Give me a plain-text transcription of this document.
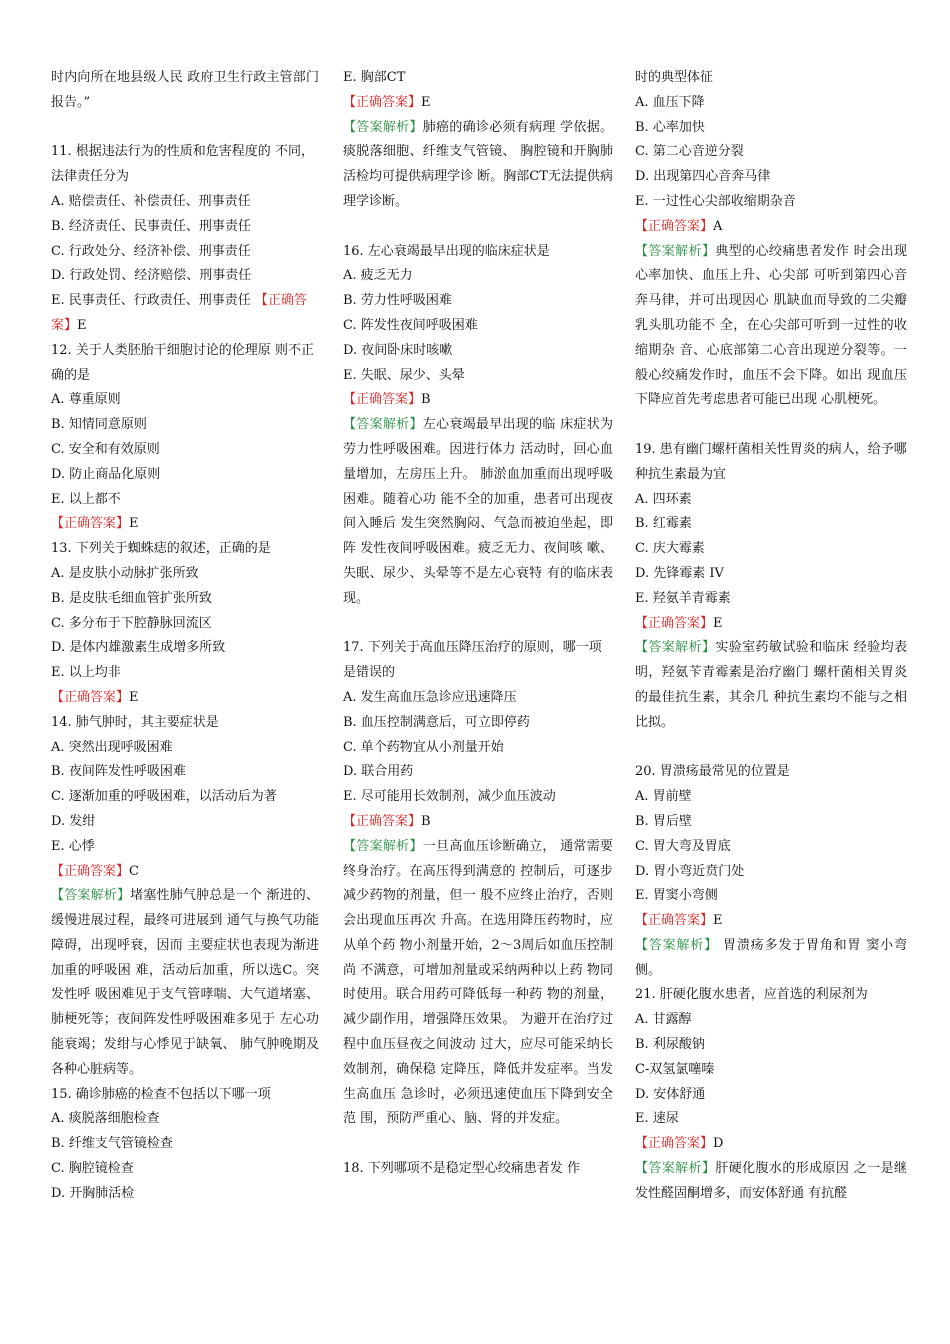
时内向所在地县级人民 政府卫生行政主管部门报告。”

11. 根据违法行为的性质和危害程度的 不同，法律责任分为

A. 赔偿责任、补偿责任、刑事责任

B. 经济责任、民事责任、刑事责任

C. 行政处分、经济补偿、刑事责任

D. 行政处罚、经济赔偿、刑事责任

E. 民事责任、行政责任、刑事责任 【正确答案】E

12. 关于人类胚胎干细胞讨论的伦理原 则不正确的是

A. 尊重原则

B. 知情同意原则

C. 安全和有效原则

D. 防止商品化原则

E. 以上都不

【正确答案】E

13. 下列关于蜘蛛痣的叙述，正确的是

A. 是皮肤小动脉扩张所致

B. 是皮肤毛细血管扩张所致

C. 多分布于下腔静脉回流区

D. 是体内雄激素生成增多所致

E. 以上均非

【正确答案】E

14. 肺气肿时，其主要症状是

A. 突然出现呼吸困难

B. 夜间阵发性呼吸困难

C. 逐渐加重的呼吸困难，以活动后为著

D. 发绀

E. 心悸

【正确答案】C

【答案解析】堵塞性肺气肿总是一个 渐进的、缓慢进展过程，最终可进展到 通气与换气功能障碍，出现呼衰，因而 主要症状也表现为渐进加重的呼吸困 难，活动后加重，所以选C。突发性呼 吸困难见于支气管哮喘、大气道堵塞、 肺梗死等；夜间阵发性呼吸困难多见于 左心功能衰竭；发绀与心悸见于缺氧、 肺气肿晚期及各种心脏病等。

15. 确诊肺癌的检查不包括以下哪一项

A. 痰脱落细胞检查

B. 纤维支气管镜检查

C. 胸腔镜检查

D. 开胸肺活检

E. 胸部CT

【正确答案】E

【答案解析】肺癌的确诊必须有病理 学依据。痰脱落细胞、纤维支气管镜、 胸腔镜和开胸肺活检均可提供病理学诊 断。胸部CT无法提供病理学诊断。

16. 左心衰竭最早出现的临床症状是

A. 疲乏无力

B. 劳力性呼吸困难

C. 阵发性夜间呼吸困难

D. 夜间卧床时咳嗽

E. 失眠、尿少、头晕

【正确答案】B

【答案解析】左心衰竭最早出现的临 床症状为劳力性呼吸困难。因进行体力 活动时，回心血量增加，左房压上升。 肺淤血加重而出现呼吸困难。随着心功 能不全的加重，患者可出现夜间入睡后 发生突然胸闷、气急而被迫坐起，即阵 发性夜间呼吸困难。疲乏无力、夜间咳 嗽、失眠、尿少、头晕等不是左心衰特 有的临床表现。

17. 下列关于高血压降压治疗的原则，哪一项是错误的

A. 发生高血压急诊应迅速降压

B. 血压控制满意后，可立即停药

C. 单个药物宜从小剂量开始

D. 联合用药

E. 尽可能用长效制剂，减少血压波动

【正确答案】B

【答案解析】一旦高血压诊断确立， 通常需要终身治疗。在高压得到满意的 控制后，可逐步减少药物的剂量，但一 般不应终止治疗，否则会出现血压再次 升高。在选用降压药物时，应从单个药 物小剂量开始，2〜3周后如血压控制尚 不满意，可增加剂量或采纳两种以上药 物同时使用。联合用药可降低每一种药 物的剂量，减少副作用，增强降压效果。 为避开在治疗过程中血压昼夜之间波动 过大，应尽可能采纳长效制剂，确保稳 定降压，降低并发症率。当发生高血压 急诊时，必须迅速使血压下降到安全范 围，预防严重心、脑、肾的并发症。

18. 下列哪项不是稳定型心绞痛患者发 作

时的典型体征

A. 血压下降

B. 心率加快

C. 第二心音逆分裂

D. 出现第四心音奔马律

E. 一过性心尖部收缩期杂音

【正确答案】A

【答案解析】典型的心绞痛患者发作 时会出现心率加快、血压上升、心尖部 可听到第四心音奔马律，并可出现因心 肌缺血而导致的二尖瓣乳头肌功能不 全，在心尖部可听到一过性的收缩期杂 音、心底部第二心音出现逆分裂等。一 般心绞痛发作时，血压不会下降。如出 现血压下降应首先考虑患者可能已出现 心肌梗死。

19. 患有幽门螺杆菌相关性胃炎的病人，给予哪种抗生素最为宜

A. 四环素

B. 红霉素

C. 庆大霉素

D. 先锋霉素 IV

E. 羟氨羊青霉素

【正确答案】E

【答案解析】实验室药敏试验和临床 经验均表明，羟氨苄青霉素是治疗幽门 螺杆菌相关胃炎的最佳抗生素，其余几 种抗生素均不能与之相比拟。

20. 胃溃疡最常见的位置是

A. 胃前壁

B. 胃后壁

C. 胃大弯及胃底

D. 胃小弯近贲门处

E. 胃窦小弯侧

【正确答案】E

【答案解析】 胃溃疡多发于胃角和胃 窦小弯侧。

21. 肝硬化腹水患者，应首选的利尿剂为

A. 甘露醇

B. 利尿酸钠

C-双氢氯噻嗪

D. 安体舒通

E. 速尿

【正确答案】D

【答案解析】肝硬化腹水的形成原因 之一是继发性醛固酮增多，而安体舒通 有抗醛
